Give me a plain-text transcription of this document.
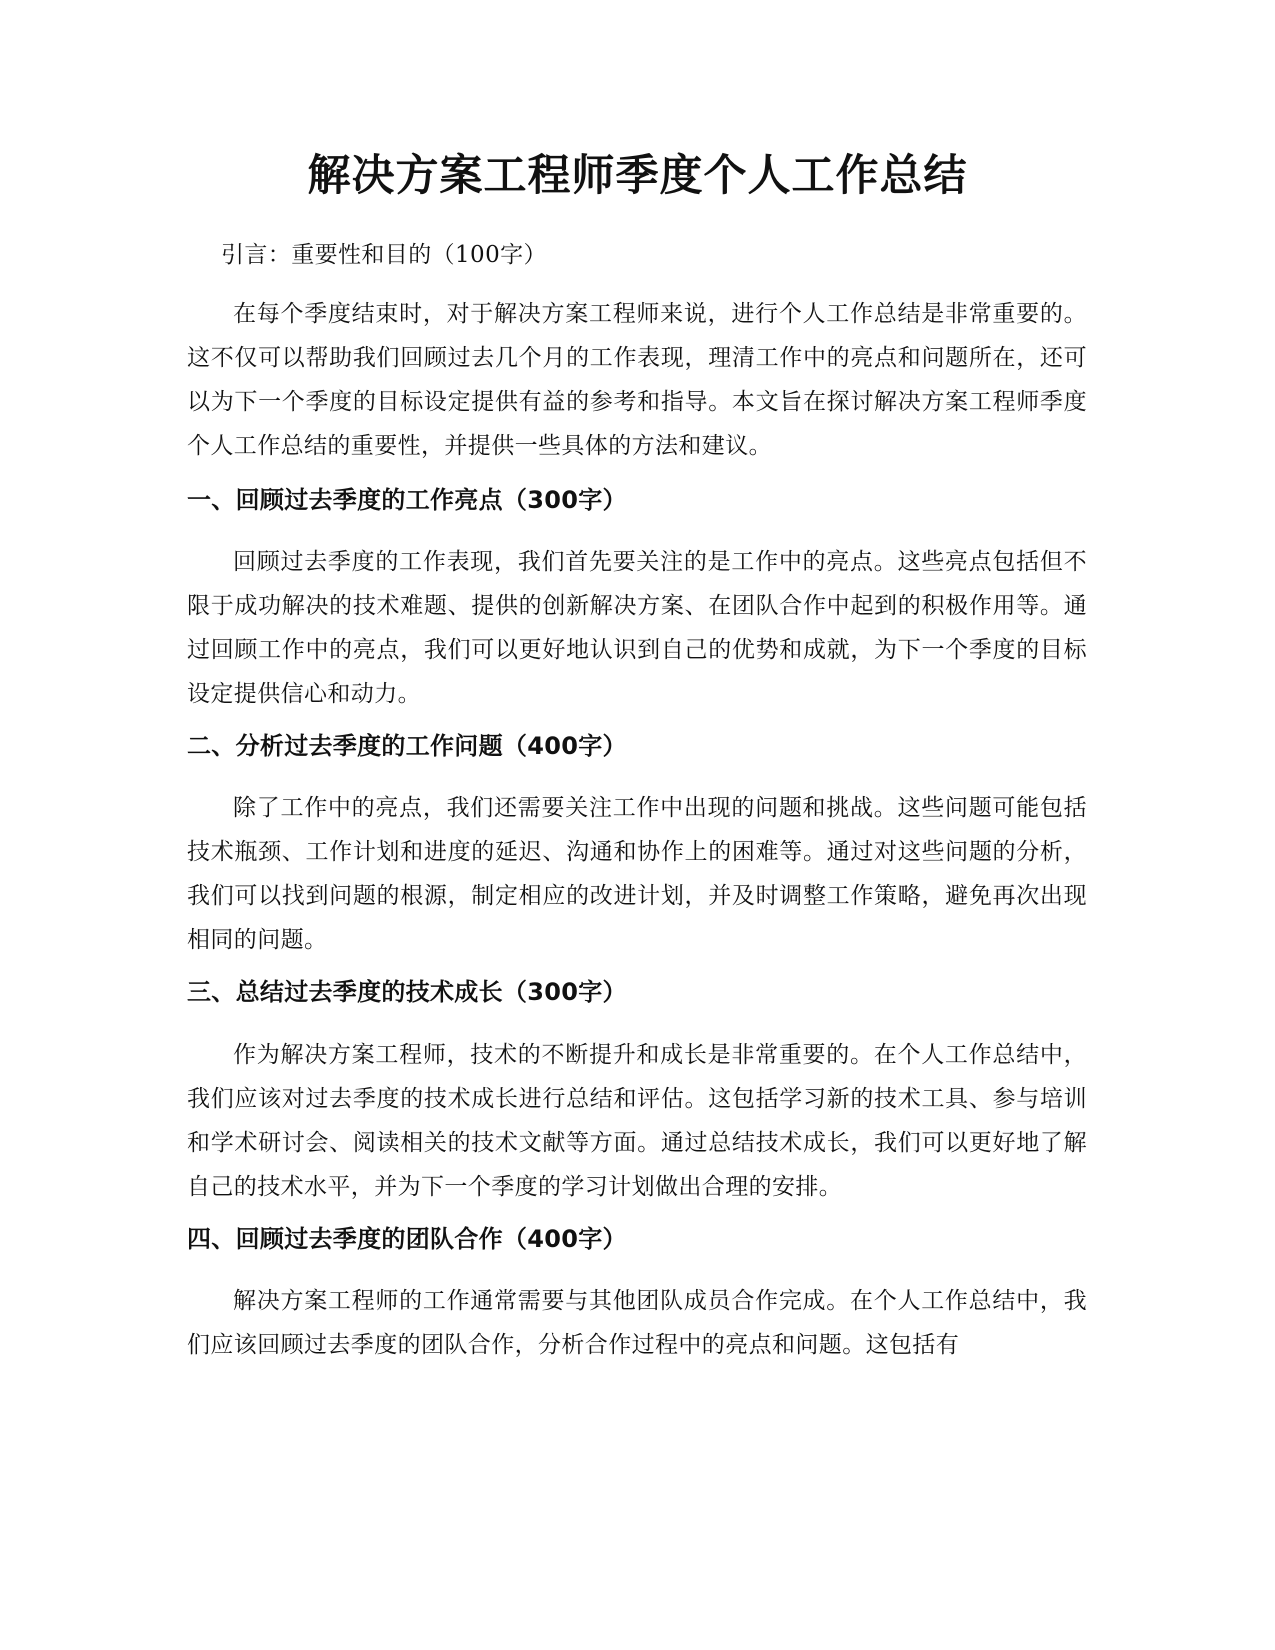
解决方案工程师季度个人工作总结

引言：重要性和目的（100字）

在每个季度结束时，对于解决方案工程师来说，进行个人工作总结是非常重要的。这不仅可以帮助我们回顾过去几个月的工作表现，理清工作中的亮点和问题所在，还可以为下一个季度的目标设定提供有益的参考和指导。本文旨在探讨解决方案工程师季度个人工作总结的重要性，并提供一些具体的方法和建议。

一、回顾过去季度的工作亮点（300字）

回顾过去季度的工作表现，我们首先要关注的是工作中的亮点。这些亮点包括但不限于成功解决的技术难题、提供的创新解决方案、在团队合作中起到的积极作用等。通过回顾工作中的亮点，我们可以更好地认识到自己的优势和成就，为下一个季度的目标设定提供信心和动力。

二、分析过去季度的工作问题（400字）

除了工作中的亮点，我们还需要关注工作中出现的问题和挑战。这些问题可能包括技术瓶颈、工作计划和进度的延迟、沟通和协作上的困难等。通过对这些问题的分析，我们可以找到问题的根源，制定相应的改进计划，并及时调整工作策略，避免再次出现相同的问题。

三、总结过去季度的技术成长（300字）

作为解决方案工程师，技术的不断提升和成长是非常重要的。在个人工作总结中，我们应该对过去季度的技术成长进行总结和评估。这包括学习新的技术工具、参与培训和学术研讨会、阅读相关的技术文献等方面。通过总结技术成长，我们可以更好地了解自己的技术水平，并为下一个季度的学习计划做出合理的安排。

四、回顾过去季度的团队合作（400字）

解决方案工程师的工作通常需要与其他团队成员合作完成。在个人工作总结中，我们应该回顾过去季度的团队合作，分析合作过程中的亮点和问题。这包括有
